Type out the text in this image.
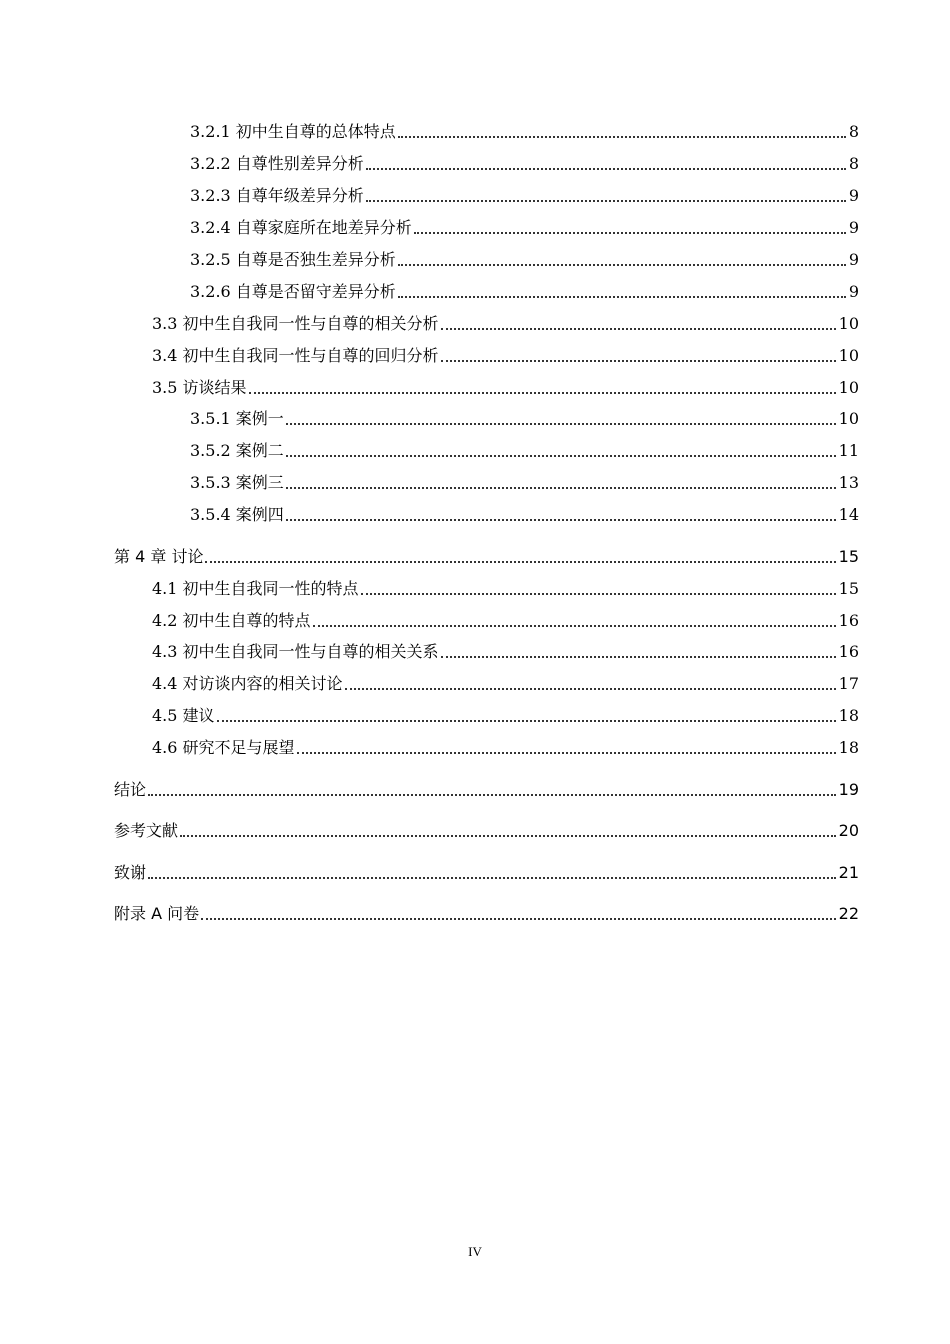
3.2.1 初中生自尊的总体特点	8
3.2.2 自尊性别差异分析	8
3.2.3 自尊年级差异分析	9
3.2.4 自尊家庭所在地差异分析	9
3.2.5 自尊是否独生差异分析	9
3.2.6 自尊是否留守差异分析	9
3.3 初中生自我同一性与自尊的相关分析	10
3.4 初中生自我同一性与自尊的回归分析	10
3.5 访谈结果	10
3.5.1 案例一	10
3.5.2 案例二	11
3.5.3 案例三	13
3.5.4 案例四	14
第 4 章 讨论	15
4.1 初中生自我同一性的特点	15
4.2 初中生自尊的特点	16
4.3 初中生自我同一性与自尊的相关关系	16
4.4 对访谈内容的相关讨论	17
4.5 建议	18
4.6 研究不足与展望	18
结论	19
参考文献	20
致谢	21
附录 A 问卷	22
IV
